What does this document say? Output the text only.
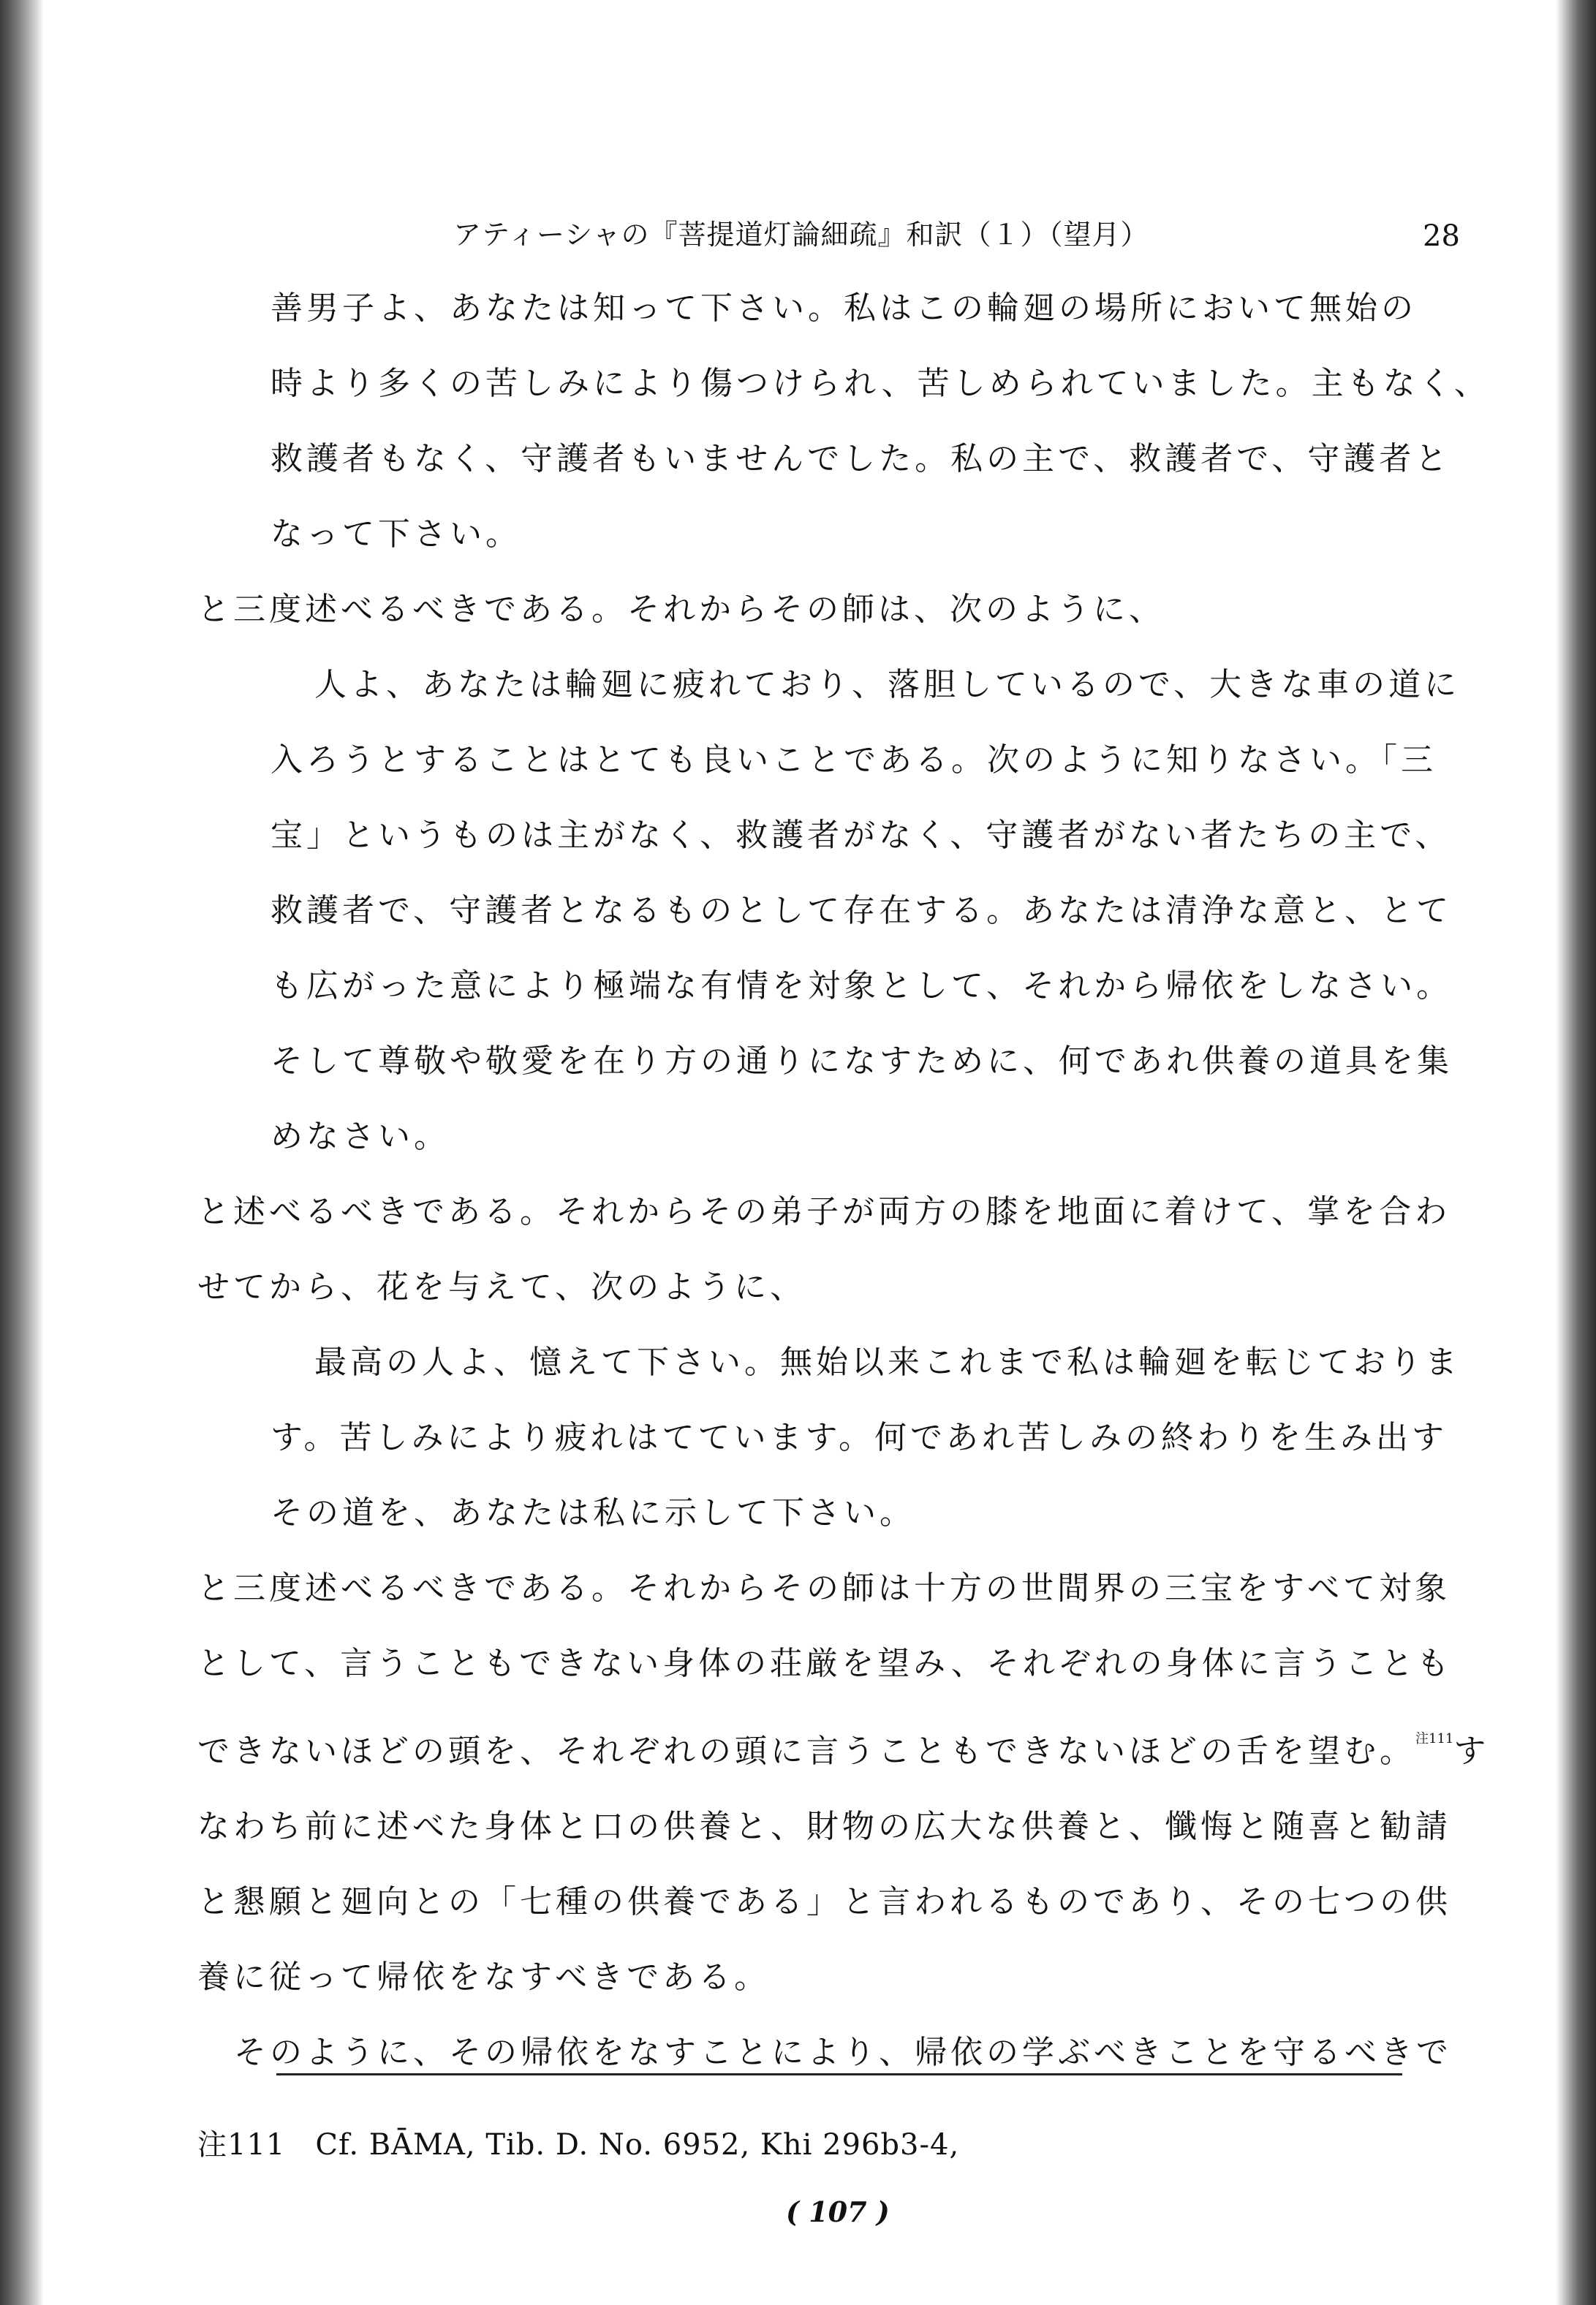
アティーシャの『菩提道灯論細疏』和訳（１）（望月）	28

善男子よ、あなたは知って下さい。私はこの輪廻の場所において無始の

時より多くの苦しみにより傷つけられ、苦しめられていました。主もなく、

救護者もなく、守護者もいませんでした。私の主で、救護者で、守護者と

なって下さい。

と三度述べるべきである。それからその師は、次のように、

人よ、あなたは輪廻に疲れており、落胆しているので、大きな車の道に

入ろうとすることはとても良いことである。次のように知りなさい。「三

宝」というものは主がなく、救護者がなく、守護者がない者たちの主で、

救護者で、守護者となるものとして存在する。あなたは清浄な意と、とて

も広がった意により極端な有情を対象として、それから帰依をしなさい。

そして尊敬や敬愛を在り方の通りになすために、何であれ供養の道具を集

めなさい。

と述べるべきである。それからその弟子が両方の膝を地面に着けて、掌を合わ

せてから、花を与えて、次のように、

最高の人よ、憶えて下さい。無始以来これまで私は輪廻を転じておりま

す。苦しみにより疲れはてています。何であれ苦しみの終わりを生み出す

その道を、あなたは私に示して下さい。

と三度述べるべきである。それからその師は十方の世間界の三宝をすべて対象

として、言うこともできない身体の荘厳を望み、それぞれの身体に言うことも

できないほどの頭を、それぞれの頭に言うこともできないほどの舌を望む。$^{注111}$す

なわち前に述べた身体と口の供養と、財物の広大な供養と、懺悔と随喜と勧請

と懇願と廻向との「七種の供養である」と言われるものであり、その七つの供

養に従って帰依をなすべきである。

そのように、その帰依をなすことにより、帰依の学ぶべきことを守るべきで

注111　Cf. BĀMA, Tib. D. No. 6952, Khi 296b3-4,
( 107 )
